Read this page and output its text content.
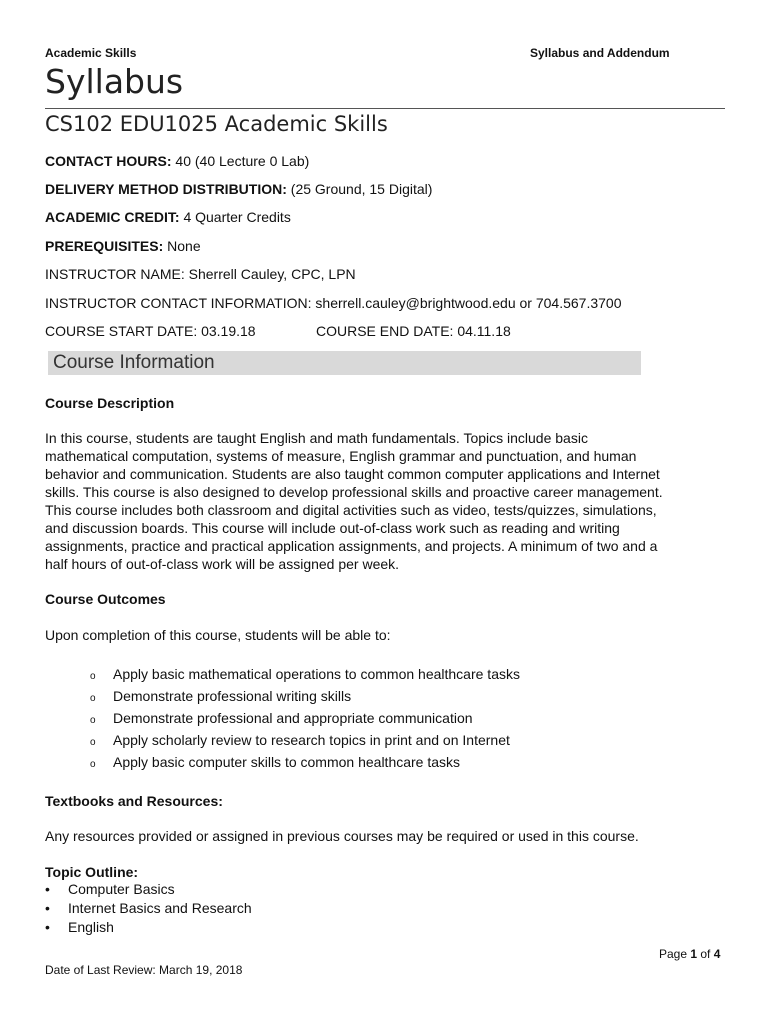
Academic Skills	Syllabus and Addendum
Syllabus
CS102 EDU1025 Academic Skills
CONTACT HOURS: 40 (40 Lecture 0 Lab)
DELIVERY METHOD DISTRIBUTION: (25 Ground, 15 Digital)
ACADEMIC CREDIT: 4 Quarter Credits
PREREQUISITES: None
INSTRUCTOR NAME: Sherrell Cauley, CPC, LPN
INSTRUCTOR CONTACT INFORMATION: sherrell.cauley@brightwood.edu or 704.567.3700
COURSE START DATE: 03.19.18	COURSE END DATE: 04.11.18
Course Information
Course Description
In this course, students are taught English and math fundamentals. Topics include basic
mathematical computation, systems of measure, English grammar and punctuation, and human
behavior and communication. Students are also taught common computer applications and Internet
skills. This course is also designed to develop professional skills and proactive career management.
This course includes both classroom and digital activities such as video, tests/quizzes, simulations,
and discussion boards. This course will include out-of-class work such as reading and writing
assignments, practice and practical application assignments, and projects. A minimum of two and a
half hours of out-of-class work will be assigned per week.
Course Outcomes
Upon completion of this course, students will be able to:
o Apply basic mathematical operations to common healthcare tasks
o Demonstrate professional writing skills
o Demonstrate professional and appropriate communication
o Apply scholarly review to research topics in print and on Internet
o Apply basic computer skills to common healthcare tasks
Textbooks and Resources:
Any resources provided or assigned in previous courses may be required or used in this course.
Topic Outline:
• Computer Basics
• Internet Basics and Research
• English
Page 1 of 4
Date of Last Review: March 19, 2018
